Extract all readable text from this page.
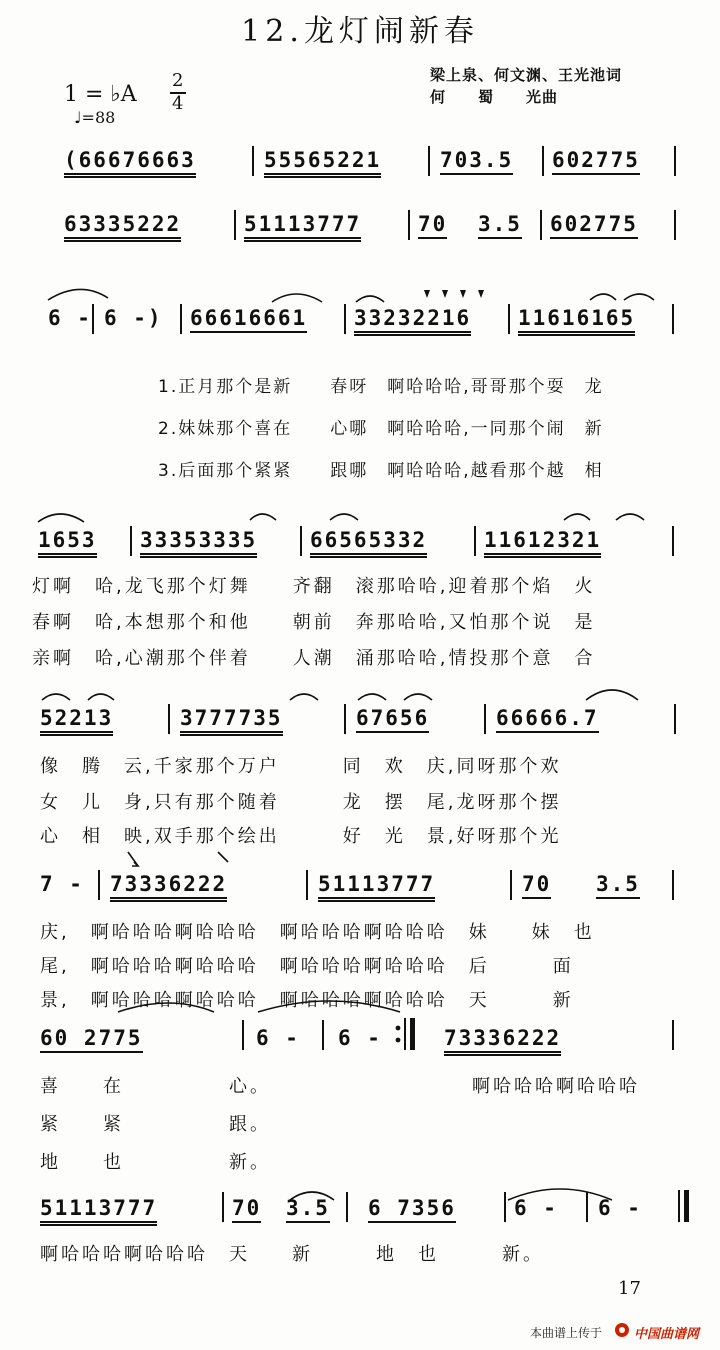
12.龙灯闹新春
1 = ♭A
2
4
♩=88
梁上泉、何文渊、王光池词
何　　蜀　　光曲
(66676663	55565221	703.5 602775
63335222	51113777	70 3.5 602775
6 - 6 -) 66616661 33232216 11616165
1.正月那个是新　　春呀　啊哈哈哈,哥哥那个耍　龙
2.妹妹那个喜在　　心哪　啊哈哈哈,一同那个闹　新
3.后面那个紧紧　　跟哪　啊哈哈哈,越看那个越　相
1653 33353335	66565332	11612321
灯啊　哈,龙飞那个灯舞　　齐翻　滚那哈哈,迎着那个焰　火
春啊　哈,本想那个和他　　朝前　奔那哈哈,又怕那个说　是
亲啊　哈,心潮那个伴着　　人潮　涌那哈哈,情投那个意　合
52213	3777735	67656	66666.7
像　腾　云,千家那个万户　　　同　欢　庆,同呀那个欢
女　儿　身,只有那个随着　　　龙　摆　尾,龙呀那个摆
心　相　映,双手那个绘出　　　好　光　景,好呀那个光
7 - 73336222	51113777	70 3.5
庆,　啊哈哈哈啊哈哈哈　啊哈哈哈啊哈哈哈　妹　　妹　也
尾,　啊哈哈哈啊哈哈哈　啊哈哈哈啊哈哈哈　后　　　面
景,　啊哈哈哈啊哈哈哈　啊哈哈哈啊哈哈哈　天　　　新
60 2775	6 - 6 -	73336222
喜　　在　　　　　心。　　　　　　　　　　啊哈哈哈啊哈哈哈
紧　　紧　　　　　跟。
地　　也　　　　　新。
51113777	70 3.5 6 7356	6 - 6 -
啊哈哈哈啊哈哈哈　天　　新　　　地　也　　　新。
17
本曲谱上传于 中国曲谱网
